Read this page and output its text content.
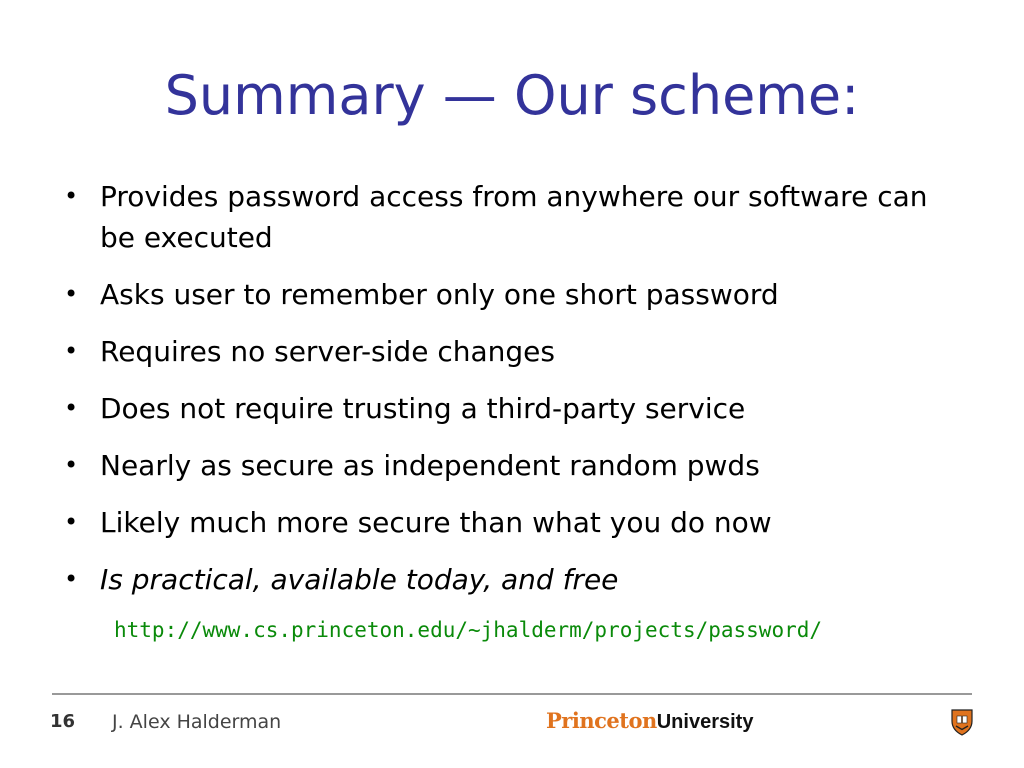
Summary — Our scheme:
• Provides password access from anywhere our software can be executed
• Asks user to remember only one short password
• Requires no server-side changes
• Does not require trusting a third-party service
• Nearly as secure as independent random pwds
• Likely much more secure than what you do now
• Is practical, available today, and free
http://www.cs.princeton.edu/~jhalderm/projects/password/
16 J. Alex Halderman	PrincetonUniversity
